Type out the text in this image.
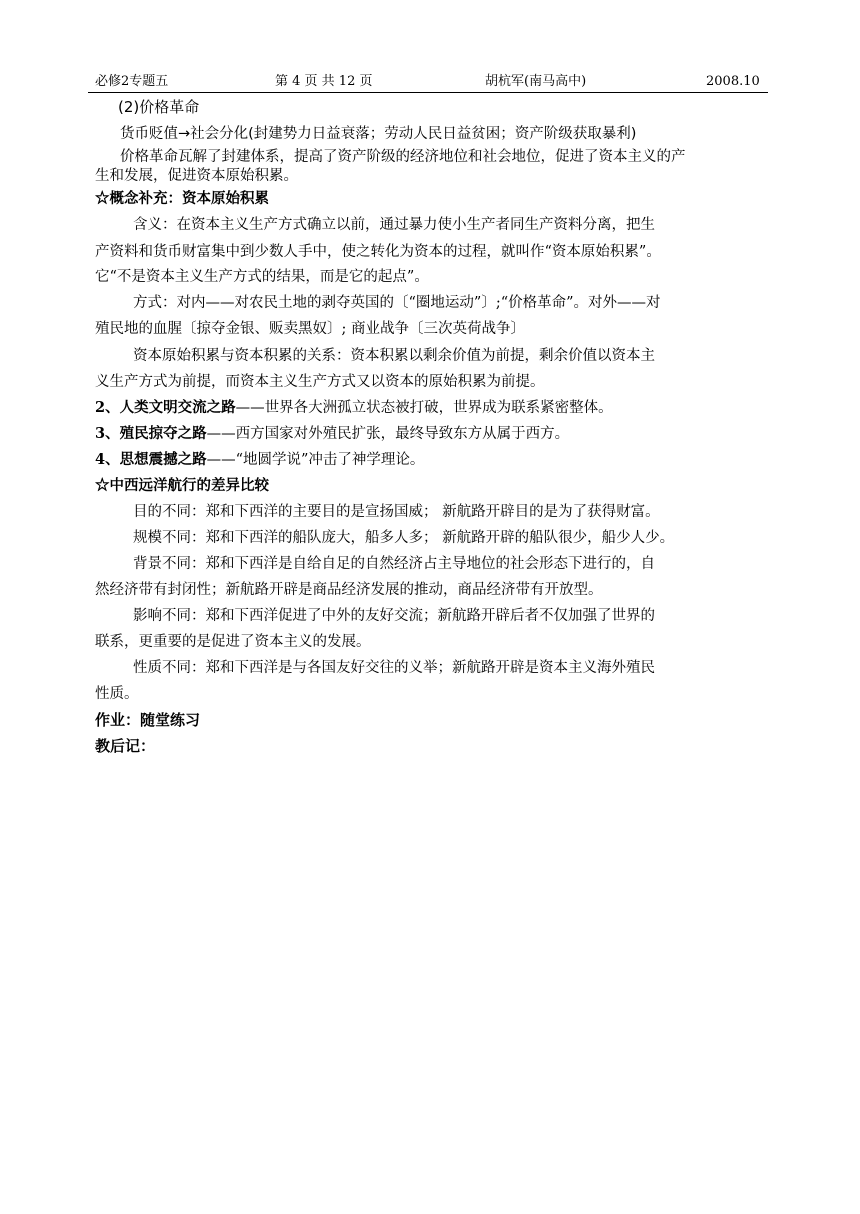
必修2专题五	第 4 页 共 12 页	胡杭军(南马高中)	2008.10
(2)价格革命
货币贬值→社会分化(封建势力日益衰落；劳动人民日益贫困；资产阶级获取暴利)
价格革命瓦解了封建体系，提高了资产阶级的经济地位和社会地位，促进了资本主义的产
生和发展，促进资本原始积累。
☆概念补充：资本原始积累
含义：在资本主义生产方式确立以前，通过暴力使小生产者同生产资料分离，把生
产资料和货币财富集中到少数人手中，使之转化为资本的过程，就叫作“资本原始积累”。
它“不是资本主义生产方式的结果，而是它的起点”。
方式：对内——对农民土地的剥夺英国的〔“圈地运动”〕;“价格革命”。对外——对
殖民地的血腥〔掠夺金银、贩卖黑奴〕; 商业战争〔三次英荷战争〕
资本原始积累与资本积累的关系：资本积累以剩余价值为前提，剩余价值以资本主
义生产方式为前提，而资本主义生产方式又以资本的原始积累为前提。
2、人类文明交流之路——世界各大洲孤立状态被打破，世界成为联系紧密整体。
3、殖民掠夺之路——西方国家对外殖民扩张，最终导致东方从属于西方。
4、思想震撼之路——“地圆学说”冲击了神学理论。
☆中西远洋航行的差异比较
目的不同：郑和下西洋的主要目的是宣扬国威； 新航路开辟目的是为了获得财富。
规模不同：郑和下西洋的船队庞大，船多人多； 新航路开辟的船队很少，船少人少。
背景不同：郑和下西洋是自给自足的自然经济占主导地位的社会形态下进行的，自
然经济带有封闭性；新航路开辟是商品经济发展的推动，商品经济带有开放型。
影响不同：郑和下西洋促进了中外的友好交流；新航路开辟后者不仅加强了世界的
联系，更重要的是促进了资本主义的发展。
性质不同：郑和下西洋是与各国友好交往的义举；新航路开辟是资本主义海外殖民
性质。
作业：随堂练习
教后记：
